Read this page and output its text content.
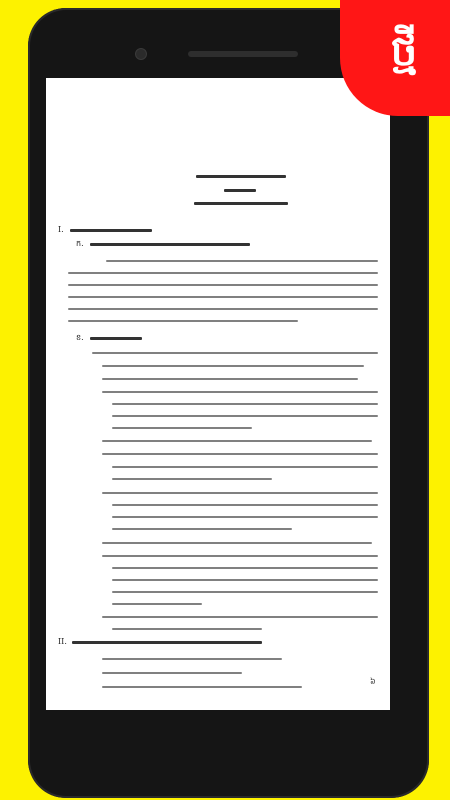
I.
ក.
ខ.
II.
៦
ថ្មី
